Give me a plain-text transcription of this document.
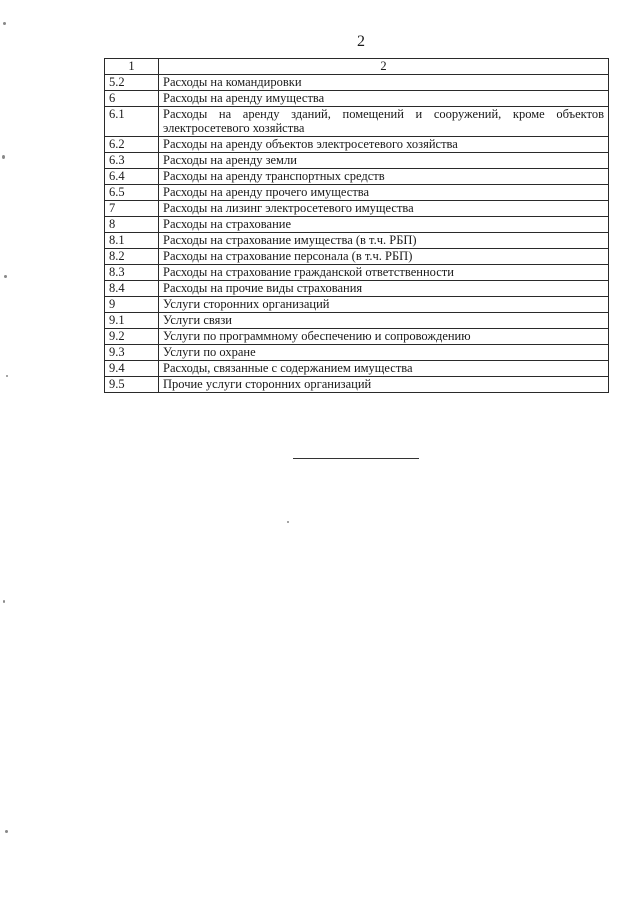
2
1	2
5.2	Расходы на командировки
6	Расходы на аренду имущества
6.1	Расходы на аренду зданий, помещений и сооружений, кроме объектов электросетевого хозяйства
6.2	Расходы на аренду объектов электросетевого хозяйства
6.3	Расходы на аренду земли
6.4	Расходы на аренду транспортных средств
6.5	Расходы на аренду прочего имущества
7	Расходы на лизинг электросетевого имущества
8	Расходы на страхование
8.1	Расходы на страхование имущества (в т.ч. РБП)
8.2	Расходы на страхование персонала (в т.ч. РБП)
8.3	Расходы на страхование гражданской ответственности
8.4	Расходы на прочие виды страхования
9	Услуги сторонних организаций
9.1	Услуги связи
9.2	Услуги по программному обеспечению и сопровождению
9.3	Услуги по охране
9.4	Расходы, связанные с содержанием имущества
9.5	Прочие услуги сторонних организаций
